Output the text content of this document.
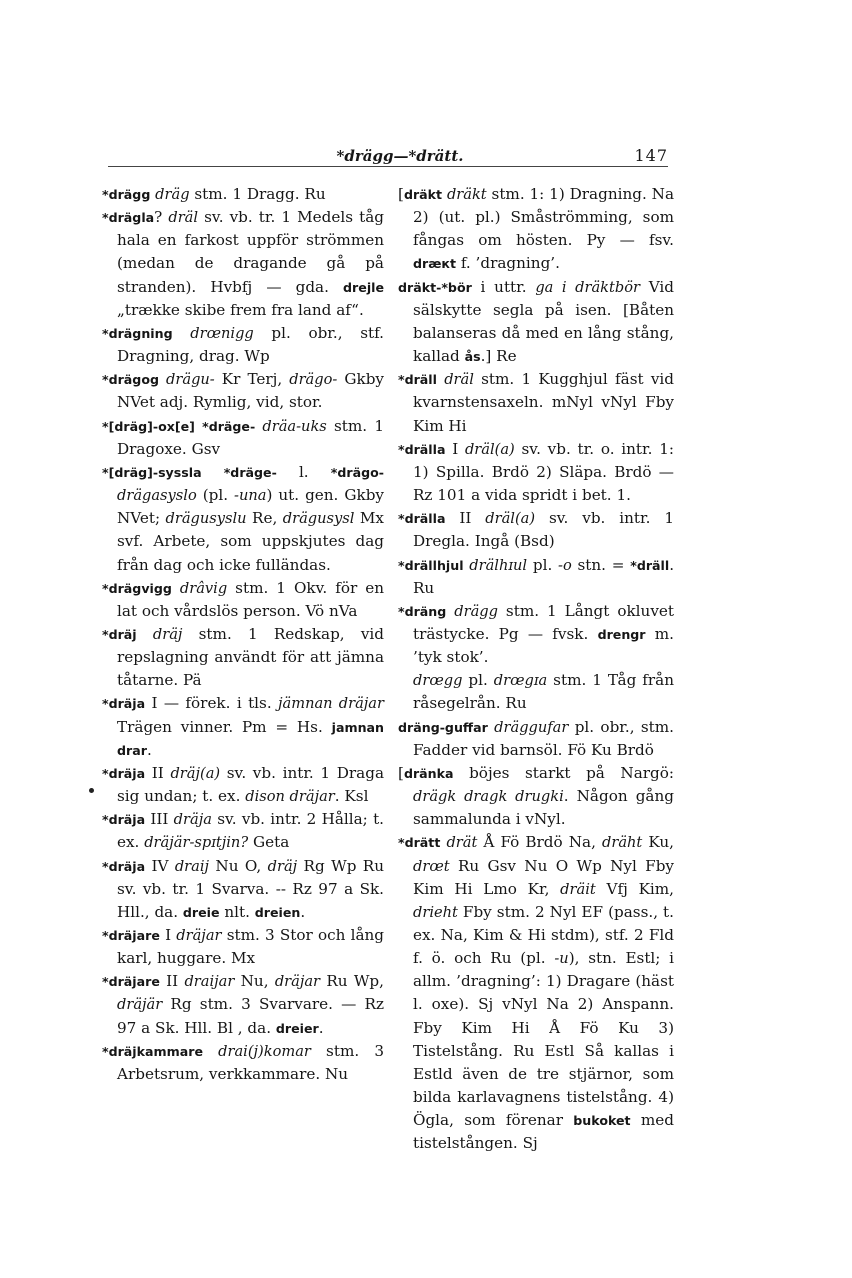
*drägg—*drätt.	147

*drägg dräg stm. 1 Dragg. Ru

*drägla? dräl sv. vb. tr. 1 Medels tåg hala en farkost uppför strömmen (medan de dragande gå på stranden). Hvbfj — gda. drejle „trække skibe frem fra land af“.

*drägning drœnigg pl. obr., stf. Dragning, drag. Wp

*drägog drägu- Kr Terj, drägo- Gkby NVet adj. Rymlig, vid, stor.

*[dräg]-ox[e] *dräge- dräa-uks stm. 1 Dragoxe. Gsv

*[dräg]-syssla *dräge- l. *drägo- drägasyslo (pl. -una) ut. gen. Gkby NVet; drägusyslu Re, drägusysl Mx svf. Arbete, som uppskjutes dag från dag och icke fulländas.

*drägvigg drâvig stm. 1 Okv. för en lat och vårdslös person. Vö nVa

*dräj dräj stm. 1 Redskap, vid repslagning användt för att jämna tåtarne. Pä

*dräja I — förek. i tls. jämnan dräjar Trägen vinner. Pm = Hs. jamnan drar.

*dräja II dräj(a) sv. vb. intr. 1 Draga sig undan; t. ex. dison dräjar. Ksl

*dräja III dräja sv. vb. intr. 2 Hålla; t. ex. dräjär-spɪtjin? Geta

*dräja IV draij Nu O, dräj Rg Wp Ru sv. vb. tr. 1 Svarva. -- Rz 97 a Sk. Hll., da. dreie nlt. dreien.

*dräjare I dräjar stm. 3 Stor och lång karl, huggare. Mx

*dräjare II draijar Nu, dräjar Ru Wp, dräjär Rg stm. 3 Svarvare. — Rz 97 a Sk. Hll. Bl , da. dreier.

*dräjkammare drai(j)komar stm. 3 Arbetsrum, verkkammare. Nu

[dräkt dräkt stm. 1: 1) Dragning. Na 2) (ut. pl.) Småströmming, som fångas om hösten. Py — fsv. dræкt f. ’dragning’.

dräkt-*bör i uttr. ga i dräktbör Vid sälskytte segla på isen. [Båten balanseras då med en lång stång, kallad ås.] Re

*dräll dräl stm. 1 Kugghjul fäst vid kvarnstensaxeln. mNyl vNyl Fby Kim Hi

*drälla I dräl(a) sv. vb. tr. o. intr. 1: 1) Spilla. Brdö 2) Släpa. Brdö — Rz 101 a vida spridt i bet. 1.

*drälla II dräl(a) sv. vb. intr. 1 Dregla. Ingå (Bsd)

*drällhjul drälhɪul pl. -o stn. = *dräll. Ru

*dräng drägg stm. 1 Långt okluvet trästycke. Pg — fvsk. drengr m. ’tyk stok’.

drœgg pl. drœgɪa stm. 1 Tåg från råsegelrån. Ru

dräng-guffar dräggufar pl. obr., stm. Fadder vid barnsöl. Fö Ku Brdö

[dränka böjes starkt på Nargö: drägk dragk drugki. Någon gång sammalunda i vNyl.

*drätt drät Å Fö Brdö Na, dräht Ku, drœt Ru Gsv Nu O Wp Nyl Fby Kim Hi Lmo Kr, dräit Vfj Kim, drieht Fby stm. 2 Nyl EF (pass., t. ex. Na, Kim & Hi stdm), stf. 2 Fld f. ö. och Ru (pl. -u), stn. Estl; i allm. ’dragning’: 1) Dragare (häst l. oxe). Sj vNyl Na 2) Anspann. Fby Kim Hi Å Fö Ku 3) Tistelstång. Ru Estl Så kallas i Estld även de tre stjärnor, som bilda karlavagnens tistelstång. 4) Ögla, som förenar bukoket med tistelstången. Sj
